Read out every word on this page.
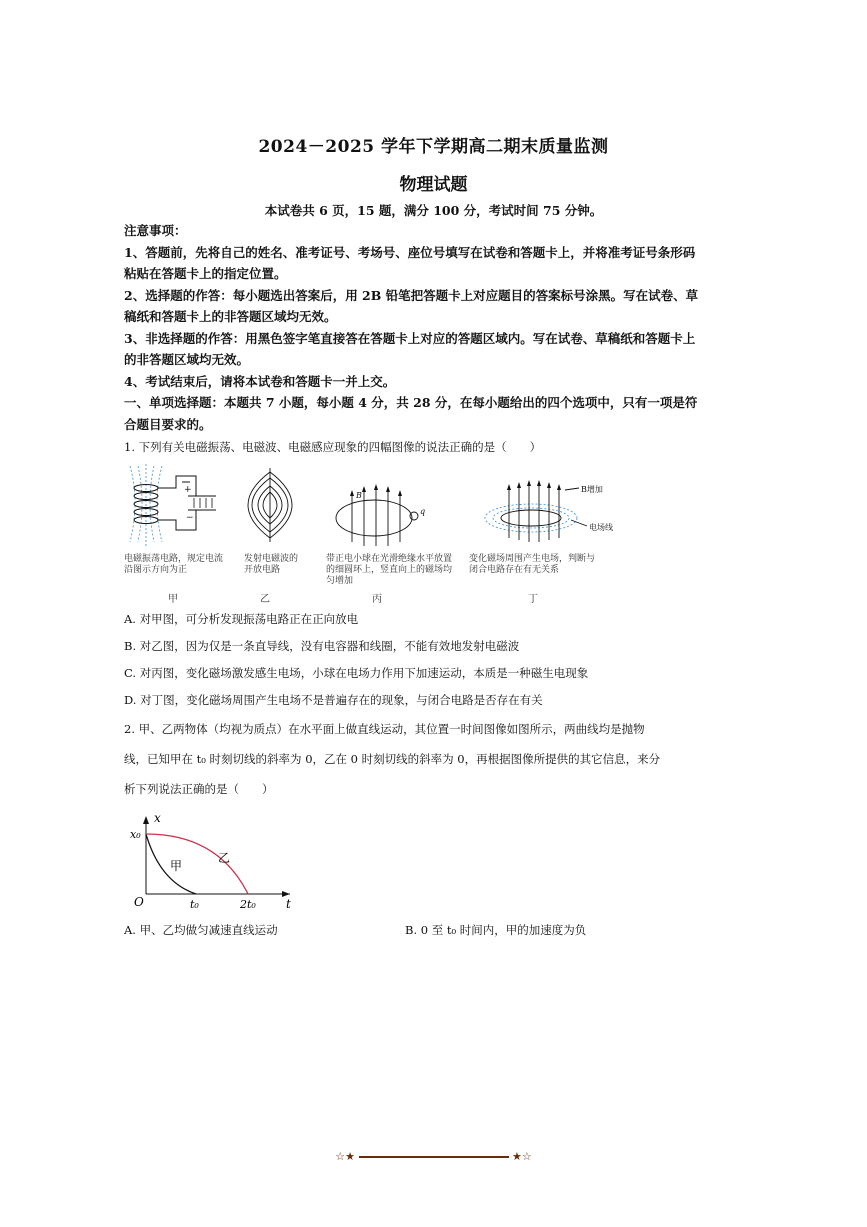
2024－2025 学年下学期高二期末质量监测
物理试题
本试卷共 6 页，15 题，满分 100 分，考试时间 75 分钟。

注意事项：

1、答题前，先将自己的姓名、准考证号、考场号、座位号填写在试卷和答题卡上，并将准考证号条形码粘贴在答题卡上的指定位置。

2、选择题的作答：每小题选出答案后，用 2B 铅笔把答题卡上对应题目的答案标号涂黑。写在试卷、草稿纸和答题卡上的非答题区域均无效。

3、非选择题的作答：用黑色签字笔直接答在答题卡上对应的答题区域内。写在试卷、草稿纸和答题卡上的非答题区域均无效。

4、考试结束后，请将本试卷和答题卡一并上交。

一、单项选择题：本题共 7 小题，每小题 4 分，共 28 分，在每小题给出的四个选项中，只有一项是符合题目要求的。

1. 下列有关电磁振荡、电磁波、电磁感应现象的四幅图像的说法正确的是（　　）
+
−
B
q
B增加
电场线
电磁振荡电路，规定电流沿图示方向为正
发射电磁波的开放电路
带正电小球在光滑绝缘水平放置的细圆环上，竖直向上的磁场均匀增加
变化磁场周围产生电场，判断与闭合电路存在有无关系
甲	乙	丙	丁
A. 对甲图，可分析发现振荡电路正在正向放电
B. 对乙图，因为仅是一条直导线，没有电容器和线圈，不能有效地发射电磁波
C. 对丙图，变化磁场激发感生电场，小球在电场力作用下加速运动，本质是一种磁生电现象
D. 对丁图，变化磁场周围产生电场不是普遍存在的现象，与闭合电路是否存在有关
2. 甲、乙两物体（均视为质点）在水平面上做直线运动，其位置一时间图像如图所示，两曲线均是抛物
线，已知甲在 t₀ 时刻切线的斜率为 0，乙在 0 时刻切线的斜率为 0，再根据图像所提供的其它信息，来分
析下列说法正确的是（　　）
x
x₀
O	t₀	2t₀	t
甲
乙
A. 甲、乙均做匀减速直线运动	B. 0 至 t₀ 时间内，甲的加速度为负
☆★	★☆
